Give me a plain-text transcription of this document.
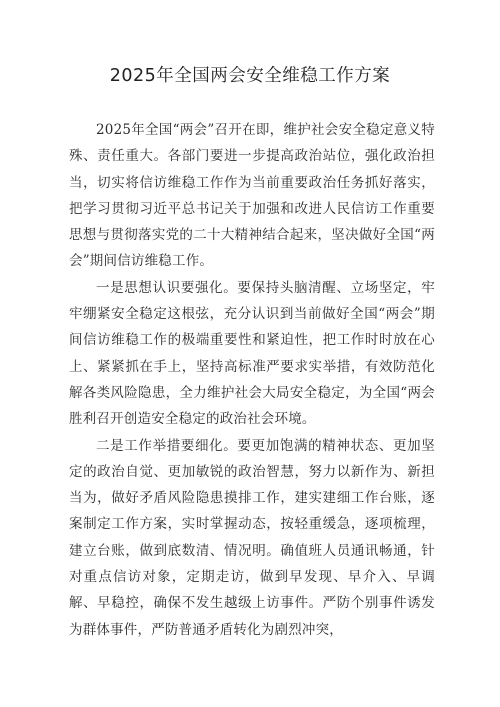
2025年全国两会安全维稳工作方案

2025年全国“两会”召开在即，维护社会安全稳定意义特殊、责任重大。各部门要进一步提高政治站位，强化政治担当，切实将信访维稳工作作为当前重要政治任务抓好落实，把学习贯彻习近平总书记关于加强和改进人民信访工作重要思想与贯彻落实党的二十大精神结合起来，坚决做好全国“两会”期间信访维稳工作。

一是思想认识要强化。要保持头脑清醒、立场坚定，牢牢绷紧安全稳定这根弦，充分认识到当前做好全国“两会”期间信访维稳工作的极端重要性和紧迫性，把工作时时放在心上、紧紧抓在手上，坚持高标准严要求实举措，有效防范化解各类风险隐患，全力维护社会大局安全稳定，为全国“两会胜利召开创造安全稳定的政治社会环境。

二是工作举措要细化。要更加饱满的精神状态、更加坚定的政治自觉、更加敏锐的政治智慧，努力以新作为、新担当为，做好矛盾风险隐患摸排工作，建实建细工作台账，逐案制定工作方案，实时掌握动态，按轻重缓急，逐项梳理，建立台账，做到底数清、情况明。确值班人员通讯畅通，针对重点信访对象，定期走访，做到早发现、早介入、早调解、早稳控，确保不发生越级上访事件。严防个别事件诱发为群体事件，严防普通矛盾转化为剧烈冲突，
